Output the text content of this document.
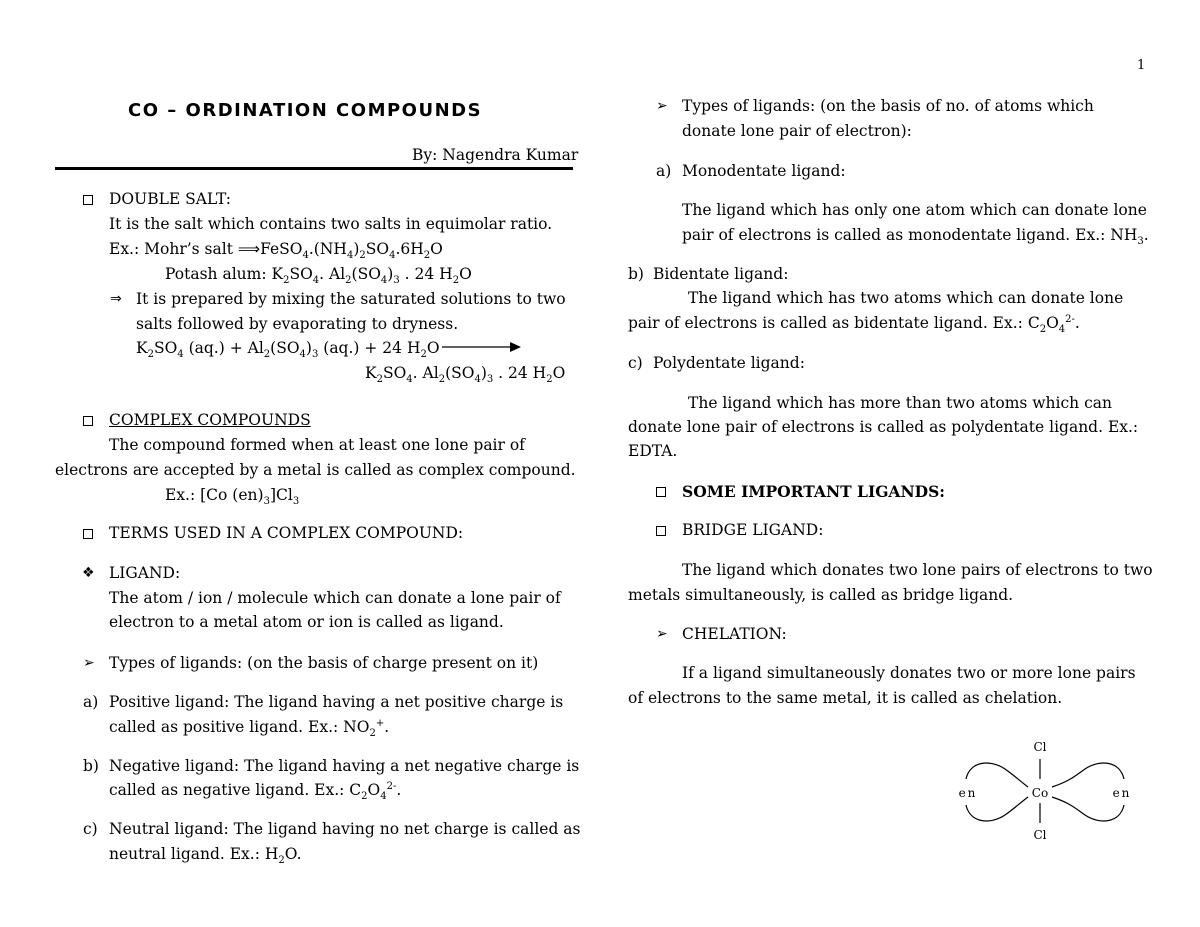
1
CO – ORDINATION COMPOUNDS
By: Nagendra Kumar
DOUBLE SALT:
It is the salt which contains two salts in equimolar ratio.
Ex.: Mohr’s salt $⟹FeSO_4.(NH_4)_2SO_4.6H_2O$
Potash alum: $K_2SO_4$. $Al_2(SO_4)_3$ . 24 $H_2O$
⇒ It is prepared by mixing the saturated solutions to two
salts followed by evaporating to dryness.
$K_2SO_4$ $(aq.) + Al_2(SO_4)_3$ (aq.) + 24 $H_2O$
$K_2SO_4$. $Al_2(SO_4)_3$ . 24 $H_2O$
COMPLEX COMPOUNDS
The compound formed when at least one lone pair of
electrons are accepted by a metal is called as complex compound.
Ex.: [Co $(en)_3]Cl_3$
TERMS USED IN A COMPLEX COMPOUND:
❖ LIGAND:
The atom / ion / molecule which can donate a lone pair of
electron to a metal atom or ion is called as ligand.
➢ Types of ligands: (on the basis of charge present on it)
a) Positive ligand: The ligand having a net positive charge is
called as positive ligand. Ex.: $NO_2^+$.
b) Negative ligand: The ligand having a net negative charge is
called as negative ligand. Ex.: $C_2O_4^{2-}$.
c) Neutral ligand: The ligand having no net charge is called as
neutral ligand. Ex.: $H_2O$.
➢ Types of ligands: (on the basis of no. of atoms which
donate lone pair of electron):
a) Monodentate ligand:
The ligand which has only one atom which can donate lone
pair of electrons is called as monodentate ligand. Ex.: $NH_3$.
b) Bidentate ligand:
The ligand which has two atoms which can donate lone
pair of electrons is called as bidentate ligand. Ex.: $C_2O_4^{2-}$.
c) Polydentate ligand:
The ligand which has more than two atoms which can
donate lone pair of electrons is called as polydentate ligand. Ex.:
EDTA.
SOME IMPORTANT LIGANDS:
BRIDGE LIGAND:
The ligand which donates two lone pairs of electrons to two
metals simultaneously, is called as bridge ligand.
➢ CHELATION:
If a ligand simultaneously donates two or more lone pairs
of electrons to the same metal, it is called as chelation.
Cl
Co
Cl
en	en
